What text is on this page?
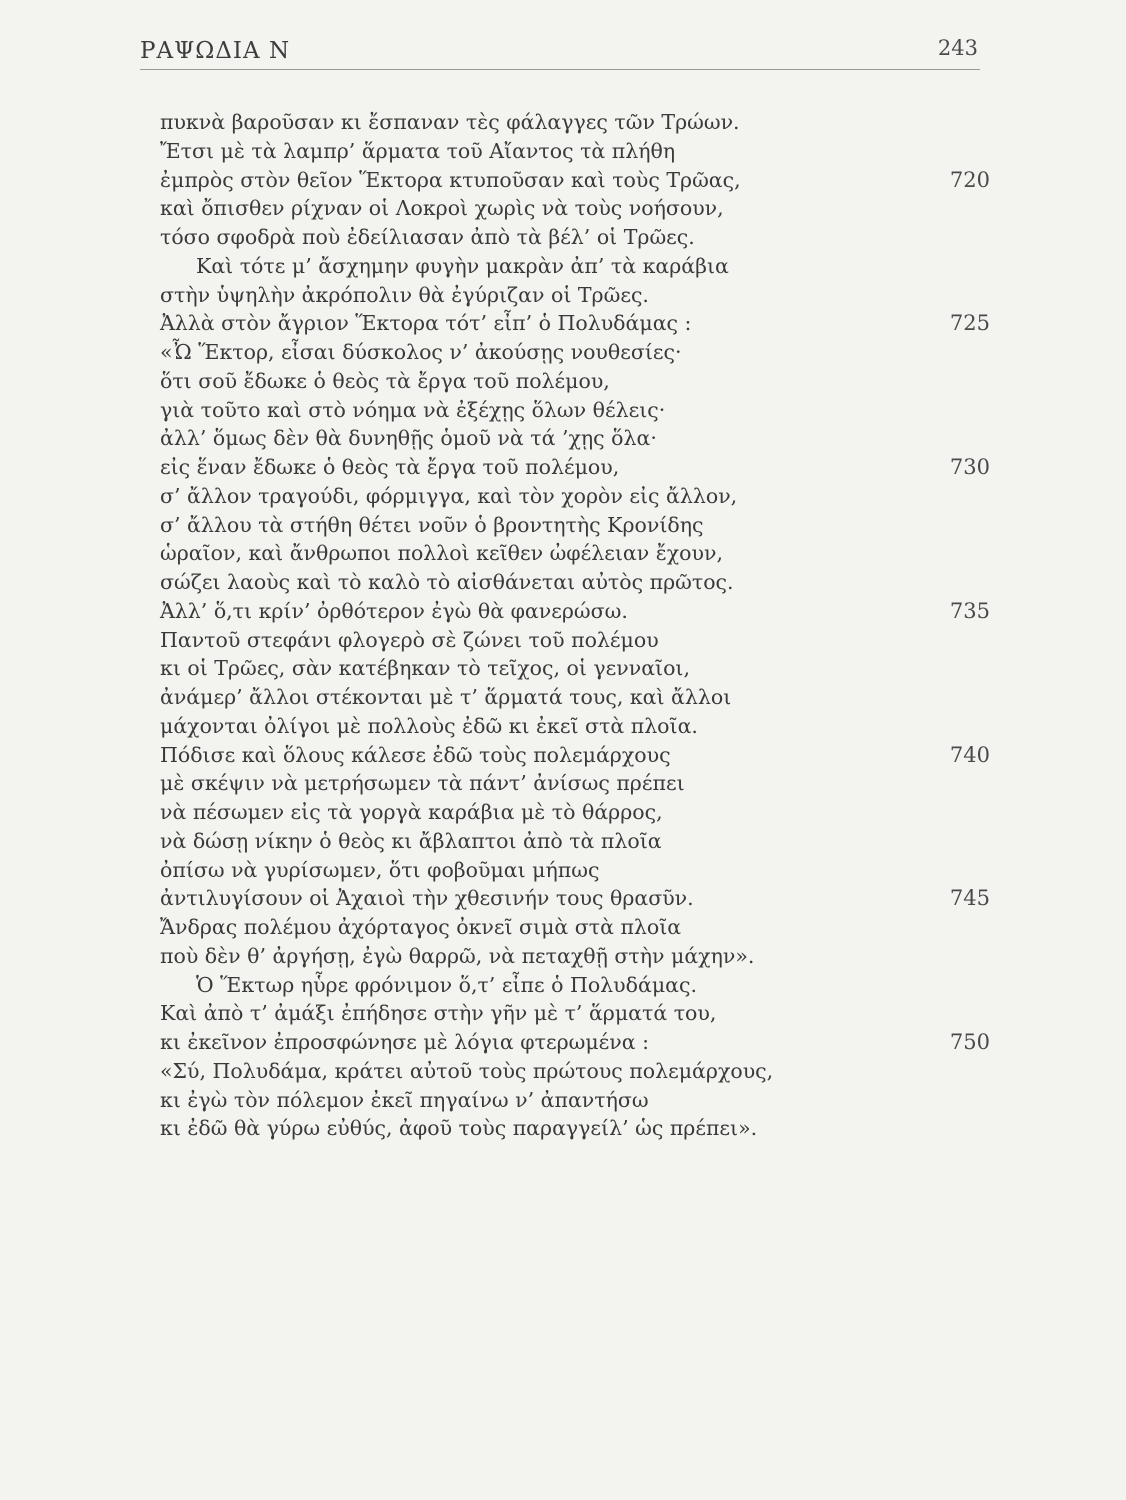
ΡΑΨΩΔΙΑ Ν	243
πυκνὰ βαροῦσαν κι ἔσπαναν τὲς φάλαγγες τῶν Τρώων.
Ἔτσι μὲ τὰ λαμπρ’ ἅρματα τοῦ Αἴαντος τὰ πλήθη
ἐμπρὸς στὸν θεῖον Ἕκτορα κτυποῦσαν καὶ τοὺς Τρῶας,	720
καὶ ὄπισθεν ρίχναν οἱ Λοκροὶ χωρὶς νὰ τοὺς νοήσουν,
τόσο σφοδρὰ ποὺ ἐδείλιασαν ἀπὸ τὰ βέλ’ οἱ Τρῶες.
Καὶ τότε μ’ ἄσχημην φυγὴν μακρὰν ἀπ’ τὰ καράβια
στὴν ὑψηλὴν ἀκρόπολιν θὰ ἐγύριζαν οἱ Τρῶες.
Ἀλλὰ στὸν ἄγριον Ἕκτορα τότ’ εἶπ’ ὁ Πολυδάμας :	725
«Ὦ Ἕκτορ, εἶσαι δύσκολος ν’ ἀκούσῃς νουθεσίες·
ὅτι σοῦ ἔδωκε ὁ θεὸς τὰ ἔργα τοῦ πολέμου,
γιὰ τοῦτο καὶ στὸ νόημα νὰ ἐξέχῃς ὅλων θέλεις·
ἀλλ’ ὅμως δὲν θὰ δυνηθῇς ὁμοῦ νὰ τά ’χῃς ὅλα·
εἰς ἕναν ἔδωκε ὁ θεὸς τὰ ἔργα τοῦ πολέμου,	730
σ’ ἄλλον τραγούδι, φόρμιγγα, καὶ τὸν χορὸν εἰς ἄλλον,
σ’ ἄλλου τὰ στήθη θέτει νοῦν ὁ βροντητὴς Κρονίδης
ὡραῖον, καὶ ἄνθρωποι πολλοὶ κεῖθεν ὠφέλειαν ἔχουν,
σώζει λαοὺς καὶ τὸ καλὸ τὸ αἰσθάνεται αὐτὸς πρῶτος.
Ἀλλ’ ὅ,τι κρίν’ ὀρθότερον ἐγὼ θὰ φανερώσω.	735
Παντοῦ στεφάνι φλογερὸ σὲ ζώνει τοῦ πολέμου
κι οἱ Τρῶες, σὰν κατέβηκαν τὸ τεῖχος, οἱ γενναῖοι,
ἀνάμερ’ ἄλλοι στέκονται μὲ τ’ ἅρματά τους, καὶ ἄλλοι
μάχονται ὀλίγοι μὲ πολλοὺς ἐδῶ κι ἐκεῖ στὰ πλοῖα.
Πόδισε καὶ ὅλους κάλεσε ἐδῶ τοὺς πολεμάρχους	740
μὲ σκέψιν νὰ μετρήσωμεν τὰ πάντ’ ἀνίσως πρέπει
νὰ πέσωμεν εἰς τὰ γοργὰ καράβια μὲ τὸ θάρρος,
νὰ δώσῃ νίκην ὁ θεὸς κι ἄβλαπτοι ἀπὸ τὰ πλοῖα
ὀπίσω νὰ γυρίσωμεν, ὅτι φοβοῦμαι μήπως
ἀντιλυγίσουν οἱ Ἀχαιοὶ τὴν χθεσινήν τους θρασῦν.	745
Ἄνδρας πολέμου ἀχόρταγος ὀκνεῖ σιμὰ στὰ πλοῖα
ποὺ δὲν θ’ ἀργήσῃ, ἐγὼ θαρρῶ, νὰ πεταχθῇ στὴν μάχην».
Ὁ Ἕκτωρ ηὗρε φρόνιμον ὅ,τ’ εἶπε ὁ Πολυδάμας.
Καὶ ἀπὸ τ’ ἀμάξι ἐπήδησε στὴν γῆν μὲ τ’ ἅρματά του,
κι ἐκεῖνον ἐπροσφώνησε μὲ λόγια φτερωμένα :	750
«Σύ, Πολυδάμα, κράτει αὐτοῦ τοὺς πρώτους πολεμάρχους,
κι ἐγὼ τὸν πόλεμον ἐκεῖ πηγαίνω ν’ ἀπαντήσω
κι ἐδῶ θὰ γύρω εὐθύς, ἀφοῦ τοὺς παραγγείλ’ ὡς πρέπει».
